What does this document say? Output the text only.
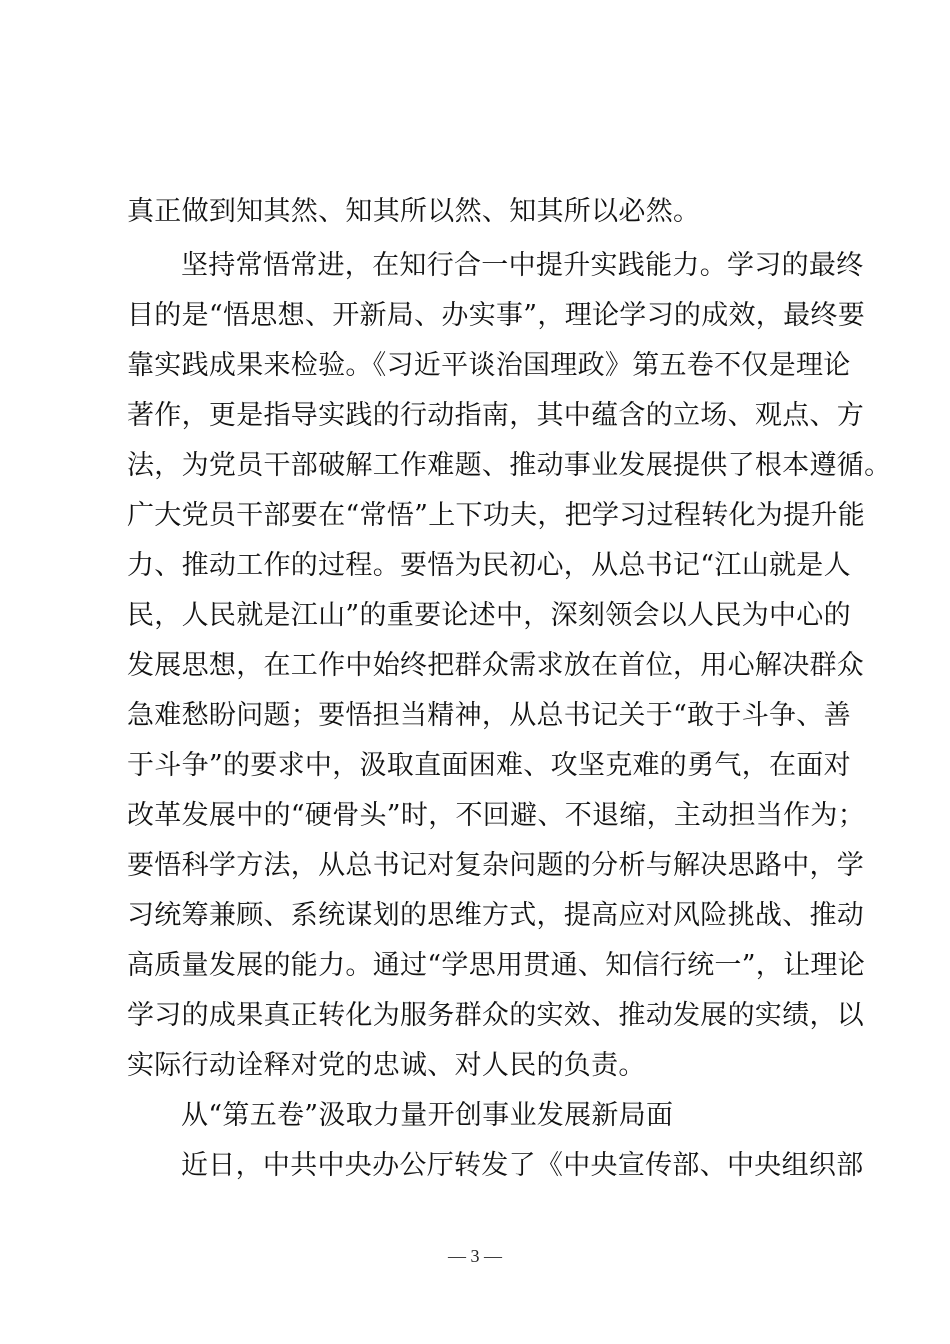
真正做到知其然、知其所以然、知其所以必然。
坚持常悟常进，在知行合一中提升实践能力。学习的最终
目的是“悟思想、开新局、办实事”，理论学习的成效，最终要
靠实践成果来检验。《习近平谈治国理政》第五卷不仅是理论
著作，更是指导实践的行动指南，其中蕴含的立场、观点、方
法，为党员干部破解工作难题、推动事业发展提供了根本遵循。
广大党员干部要在“常悟”上下功夫，把学习过程转化为提升能
力、推动工作的过程。要悟为民初心，从总书记“江山就是人
民，人民就是江山”的重要论述中，深刻领会以人民为中心的
发展思想，在工作中始终把群众需求放在首位，用心解决群众
急难愁盼问题；要悟担当精神，从总书记关于“敢于斗争、善
于斗争”的要求中，汲取直面困难、攻坚克难的勇气，在面对
改革发展中的“硬骨头”时，不回避、不退缩，主动担当作为；
要悟科学方法，从总书记对复杂问题的分析与解决思路中，学
习统筹兼顾、系统谋划的思维方式，提高应对风险挑战、推动
高质量发展的能力。通过“学思用贯通、知信行统一”，让理论
学习的成果真正转化为服务群众的实效、推动发展的实绩，以
实际行动诠释对党的忠诚、对人民的负责。
从“第五卷”汲取力量开创事业发展新局面
近日，中共中央办公厅转发了《中央宣传部、中央组织部
— 3 —
